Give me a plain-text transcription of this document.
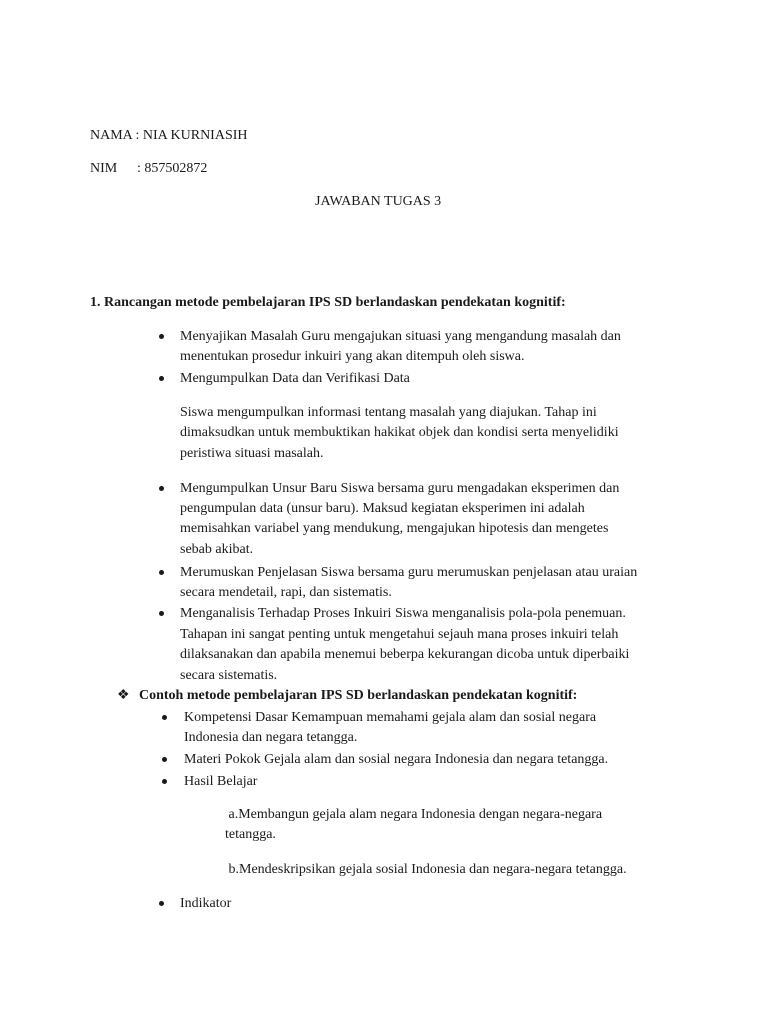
NAMA : NIA KURNIASIH
NIM : 857502872
JAWABAN TUGAS 3
1. Rancangan metode pembelajaran IPS SD berlandaskan pendekatan kognitif:
Menyajikan Masalah Guru mengajukan situasi yang mengandung masalah dan
menentukan prosedur inkuiri yang akan ditempuh oleh siswa.
Mengumpulkan Data dan Verifikasi Data
Siswa mengumpulkan informasi tentang masalah yang diajukan. Tahap ini
dimaksudkan untuk membuktikan hakikat objek dan kondisi serta menyelidiki
peristiwa situasi masalah.
Mengumpulkan Unsur Baru Siswa bersama guru mengadakan eksperimen dan
pengumpulan data (unsur baru). Maksud kegiatan eksperimen ini adalah
memisahkan variabel yang mendukung, mengajukan hipotesis dan mengetes
sebab akibat.
Merumuskan Penjelasan Siswa bersama guru merumuskan penjelasan atau uraian
secara mendetail, rapi, dan sistematis.
Menganalisis Terhadap Proses Inkuiri Siswa menganalisis pola-pola penemuan.
Tahapan ini sangat penting untuk mengetahui sejauh mana proses inkuiri telah
dilaksanakan dan apabila menemui beberpa kekurangan dicoba untuk diperbaiki
secara sistematis.
❖ Contoh metode pembelajaran IPS SD berlandaskan pendekatan kognitif:
Kompetensi Dasar Kemampuan memahami gejala alam dan sosial negara
Indonesia dan negara tetangga.
Materi Pokok Gejala alam dan sosial negara Indonesia dan negara tetangga.
Hasil Belajar
a.Membangun gejala alam negara Indonesia dengan negara-negara
tetangga.
b.Mendeskripsikan gejala sosial Indonesia dan negara-negara tetangga.
Indikator
